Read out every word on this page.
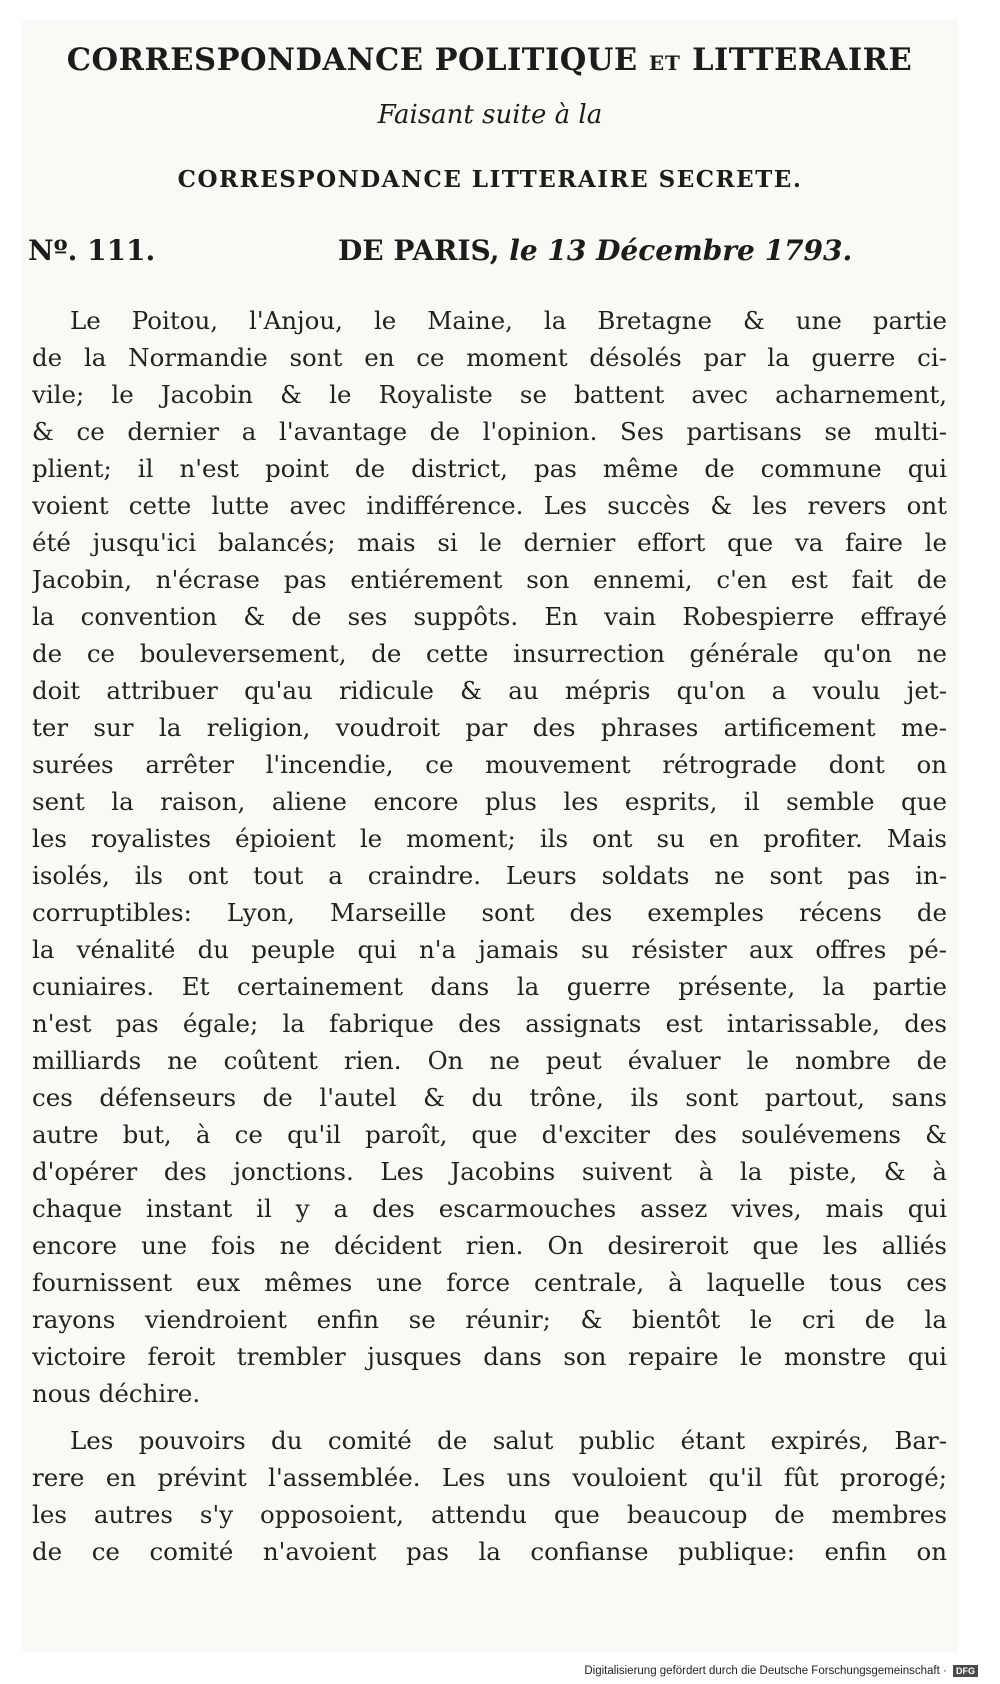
CORRESPONDANCE POLITIQUE ET LITTERAIRE
Faisant suite à la
CORRESPONDANCE LITTERAIRE SECRETE.
Nº. 111.	DE PARIS, le 13 Décembre 1793.
Le Poitou, l'Anjou, le Maine, la Bretagne & une partie
de la Normandie sont en ce moment désolés par la guerre ci-
vile; le Jacobin & le Royaliste se battent avec acharnement,
& ce dernier a l'avantage de l'opinion. Ses partisans se multi-
plient; il n'est point de district, pas même de commune qui
voient cette lutte avec indifférence. Les succès & les revers ont
été jusqu'ici balancés; mais si le dernier effort que va faire le
Jacobin, n'écrase pas entiérement son ennemi, c'en est fait de
la convention & de ses suppôts. En vain Robespierre effrayé
de ce bouleversement, de cette insurrection générale qu'on ne
doit attribuer qu'au ridicule & au mépris qu'on a voulu jet-
ter sur la religion, voudroit par des phrases artificement me-
surées arrêter l'incendie, ce mouvement rétrograde dont on
sent la raison, aliene encore plus les esprits, il semble que
les royalistes épioient le moment; ils ont su en profiter. Mais
isolés, ils ont tout a craindre. Leurs soldats ne sont pas in-
corruptibles: Lyon, Marseille sont des exemples récens de
la vénalité du peuple qui n'a jamais su résister aux offres pé-
cuniaires. Et certainement dans la guerre présente, la partie
n'est pas égale; la fabrique des assignats est intarissable, des
milliards ne coûtent rien. On ne peut évaluer le nombre de
ces défenseurs de l'autel & du trône, ils sont partout, sans
autre but, à ce qu'il paroît, que d'exciter des soulévemens &
d'opérer des jonctions. Les Jacobins suivent à la piste, & à
chaque instant il y a des escarmouches assez vives, mais qui
encore une fois ne décident rien. On desireroit que les alliés
fournissent eux mêmes une force centrale, à laquelle tous ces
rayons viendroient enfin se réunir; & bientôt le cri de la
victoire feroit trembler jusques dans son repaire le monstre qui
nous déchire.
Les pouvoirs du comité de salut public étant expirés, Bar-
rere en prévint l'assemblée. Les uns vouloient qu'il fût prorogé;
les autres s'y opposoient, attendu que beaucoup de membres
de ce comité n'avoient pas la confianse publique: enfin on
Digitalisierung gefördert durch die Deutsche Forschungsgemeinschaft · DFG
